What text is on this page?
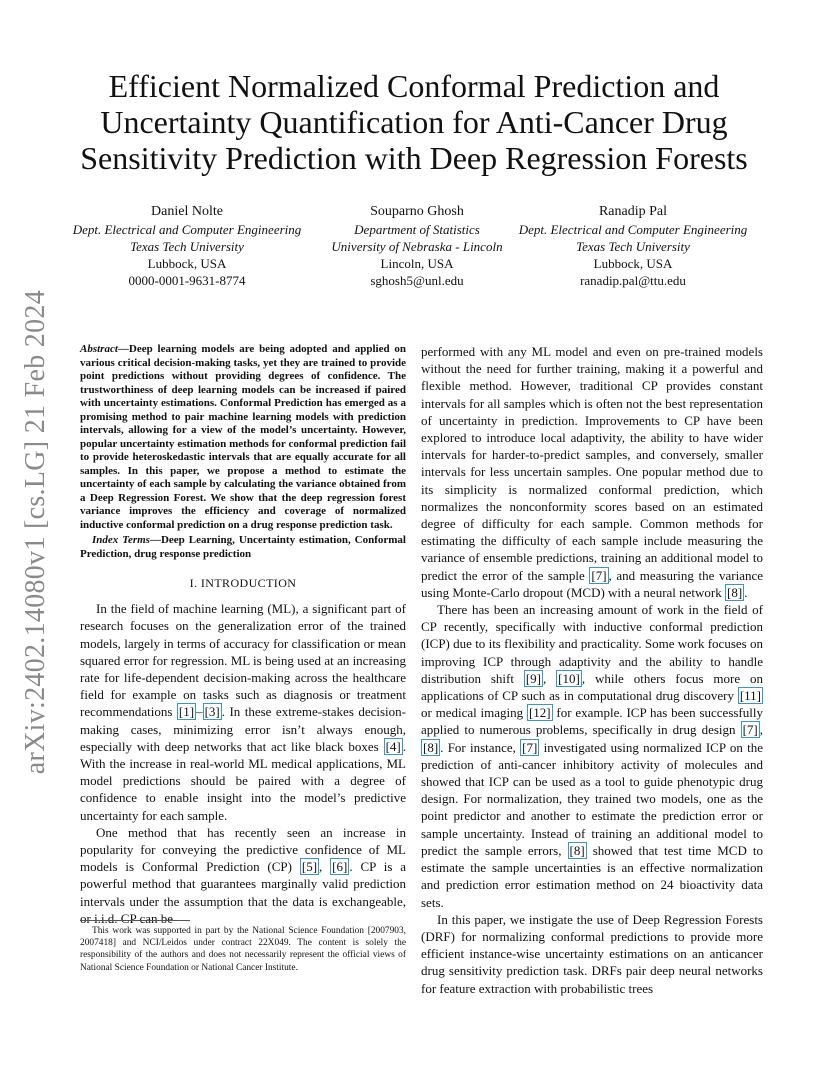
arXiv:2402.14080v1 [cs.LG] 21 Feb 2024
Efficient Normalized Conformal Prediction and Uncertainty Quantification for Anti-Cancer Drug Sensitivity Prediction with Deep Regression Forests
Daniel Nolte
Dept. Electrical and Computer Engineering
Texas Tech University
Lubbock, USA
0000-0001-9631-8774
Souparno Ghosh
Department of Statistics
University of Nebraska - Lincoln
Lincoln, USA
sghosh5@unl.edu
Ranadip Pal
Dept. Electrical and Computer Engineering
Texas Tech University
Lubbock, USA
ranadip.pal@ttu.edu

Abstract—Deep learning models are being adopted and applied on various critical decision-making tasks, yet they are trained to provide point predictions without providing degrees of confidence. The trustworthiness of deep learning models can be increased if paired with uncertainty estimations. Conformal Prediction has emerged as a promising method to pair machine learning models with prediction intervals, allowing for a view of the model’s uncertainty. However, popular uncertainty estimation methods for conformal prediction fail to provide heteroskedastic intervals that are equally accurate for all samples. In this paper, we propose a method to estimate the uncertainty of each sample by calculating the variance obtained from a Deep Regression Forest. We show that the deep regression forest variance improves the efficiency and coverage of normalized inductive conformal prediction on a drug response prediction task.

Index Terms—Deep Learning, Uncertainty estimation, Conformal Prediction, drug response prediction

I. INTRODUCTION

In the field of machine learning (ML), a significant part of research focuses on the generalization error of the trained models, largely in terms of accuracy for classification or mean squared error for regression. ML is being used at an increasing rate for life-dependent decision-making across the healthcare field for example on tasks such as diagnosis or treatment recommendations [1] – [3] . In these extreme-stakes decision-making cases, minimizing error isn’t always enough, especially with deep networks that act like black boxes [4] . With the increase in real-world ML medical applications, ML model predictions should be paired with a degree of confidence to enable insight into the model’s predictive uncertainty for each sample.

One method that has recently seen an increase in popularity for conveying the predictive confidence of ML models is Conformal Prediction (CP) [5] , [6] . CP is a powerful method that guarantees marginally valid prediction intervals under the assumption that the data is exchangeable, or i.i.d. CP can be

This work was supported in part by the National Science Foundation [2007903, 2007418] and NCI/Leidos under contract 22X049. The content is solely the responsibility of the authors and does not necessarily represent the official views of National Science Foundation or National Cancer Institute.

performed with any ML model and even on pre-trained models without the need for further training, making it a powerful and flexible method. However, traditional CP provides constant intervals for all samples which is often not the best representation of uncertainty in prediction. Improvements to CP have been explored to introduce local adaptivity, the ability to have wider intervals for harder-to-predict samples, and conversely, smaller intervals for less uncertain samples. One popular method due to its simplicity is normalized conformal prediction, which normalizes the nonconformity scores based on an estimated degree of difficulty for each sample. Common methods for estimating the difficulty of each sample include measuring the variance of ensemble predictions, training an additional model to predict the error of the sample [7] , and measuring the variance using Monte-Carlo dropout (MCD) with a neural network [8] .

There has been an increasing amount of work in the field of CP recently, specifically with inductive conformal prediction (ICP) due to its flexibility and practicality. Some work focuses on improving ICP through adaptivity and the ability to handle distribution shift [9] , [10] , while others focus more on applications of CP such as in computational drug discovery [11] or medical imaging [12] for example. ICP has been successfully applied to numerous problems, specifically in drug design [7] , [8] . For instance, [7] investigated using normalized ICP on the prediction of anti-cancer inhibitory activity of molecules and showed that ICP can be used as a tool to guide phenotypic drug design. For normalization, they trained two models, one as the point predictor and another to estimate the prediction error or sample uncertainty. Instead of training an additional model to predict the sample errors, [8] showed that test time MCD to estimate the sample uncertainties is an effective normalization and prediction error estimation method on 24 bioactivity data sets.

In this paper, we instigate the use of Deep Regression Forests (DRF) for normalizing conformal predictions to provide more efficient instance-wise uncertainty estimations on an anticancer drug sensitivity prediction task. DRFs pair deep neural networks for feature extraction with probabilistic trees
